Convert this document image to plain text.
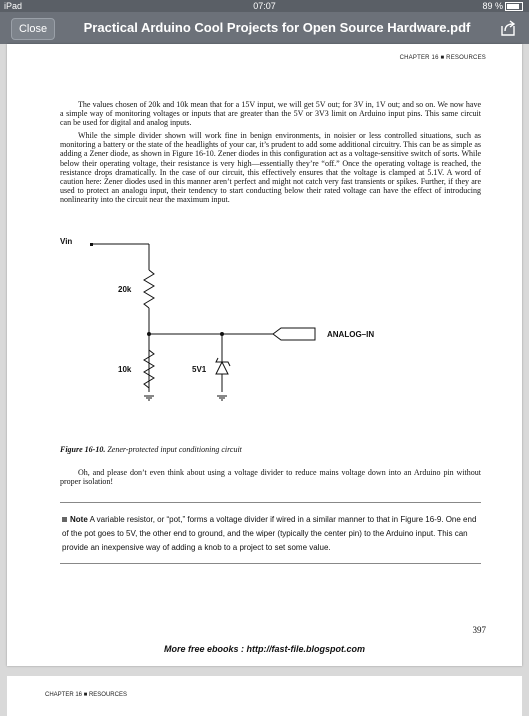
iPad	07:07	89 %
Close	Practical Arduino Cool Projects for Open Source Hardware.pdf
CHAPTER 16 ■ RESOURCES
The values chosen of 20k and 10k mean that for a 15V input, we will get 5V out; for 3V in, 1V out; and so on. We now have a simple way of monitoring voltages or inputs that are greater than the 5V or 3V3 limit on Arduino input pins. This same circuit can be used for digital and analog inputs.
While the simple divider shown will work fine in benign environments, in noisier or less controlled situations, such as monitoring a battery or the state of the headlights of your car, it’s prudent to add some additional circuitry. This can be as simple as adding a Zener diode, as shown in Figure 16-10. Zener diodes in this configuration act as a voltage-sensitive switch of sorts. While below their operating voltage, their resistance is very high—essentially they’re “off.” Once the operating voltage is reached, the resistance drops dramatically. In the case of our circuit, this effectively ensures that the voltage is clamped at 5.1V. A word of caution here: Zener diodes used in this manner aren’t perfect and might not catch very fast transients or spikes. Further, if they are used to protect an analogu input, their tendency to start conducting below their rated voltage can have the effect of introducing nonlinearity into the circuit near the maximum input.
Vin
20k
ANALOG–IN
10k	5V1
Figure 16-10. Zener-protected input conditioning circuit
Oh, and please don’t even think about using a voltage divider to reduce mains voltage down into an Arduino pin without proper isolation!
Note A variable resistor, or “pot,” forms a voltage divider if wired in a similar manner to that in Figure 16-9. One end of the pot goes to 5V, the other end to ground, and the wiper (typically the center pin) to the Arduino input. This can provide an inexpensive way of adding a knob to a project to set some value.
397
More free ebooks : http://fast-file.blogspot.com
CHAPTER 16 ■ RESOURCES
